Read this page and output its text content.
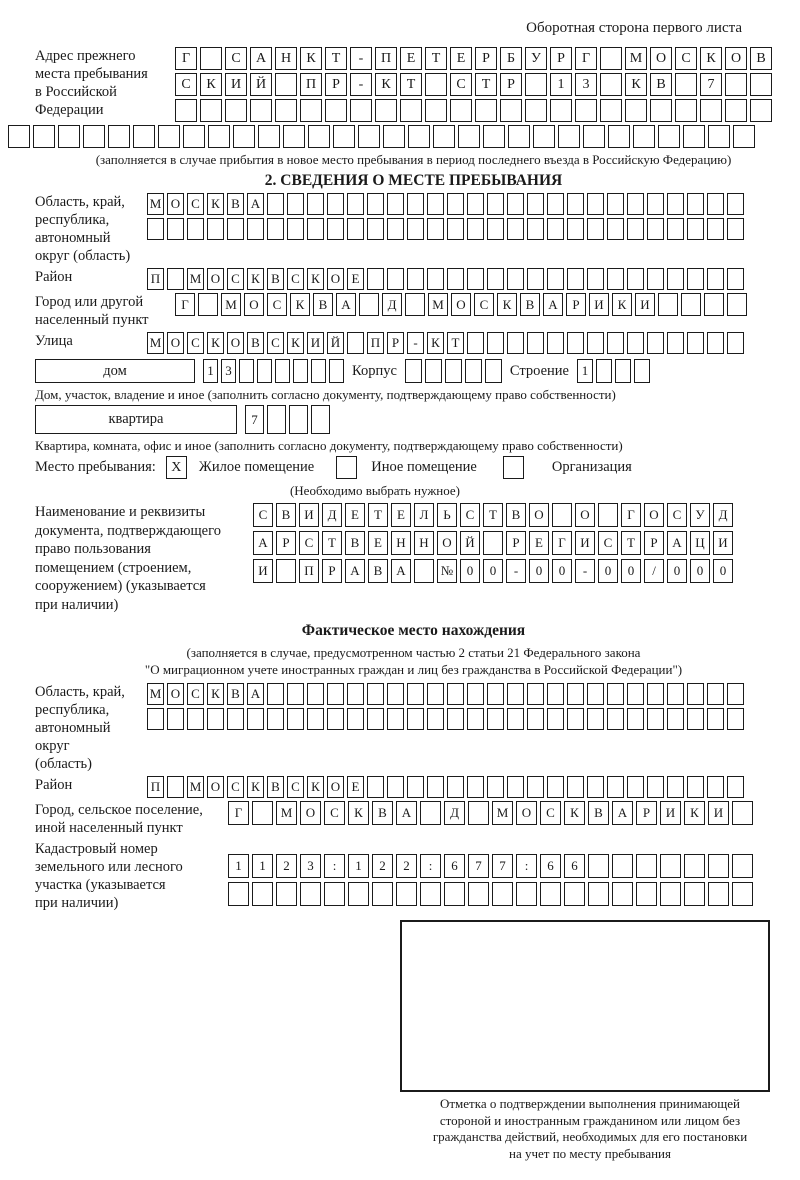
Оборотная сторона первого листа
Адрес прежнего
места пребывания
в Российской
Федерации
Г	С	А	Н	К	Т	-	П	Е	Т	Е	Р	Б	У	Р	Г	М О	С	К	О	В
С	К	И	Й	П	Р	-	К	Т	С	Т	Р	1	3	К	В	7
(заполняется в случае прибытия в новое место пребывания в период последнего въезда в Российскую Федерацию)
2. СВЕДЕНИЯ О МЕСТЕ ПРЕБЫВАНИЯ
Область, край,
республика,
автономный
округ (область)
М О С К В А
Район	П М О С К В С К О Е
Город или другой
населенный пункт
Г	М О	С	К	В	А	Д	М О	С	К	В	А	Р	И	К	И
Улица	М О С К О В С К И Й П Р	-	К Т
дом	1 3	Корпус	Строение 1
Дом, участок, владение и иное (заполнить согласно документу, подтверждающему право собственности)
квартира	7
Квартира, комната, офис и иное (заполнить согласно документу, подтверждающему право собственности)
Место пребывания:	X	Жилое помещение	Иное помещение	Организация
(Необходимо выбрать нужное)
Наименование и реквизиты
документа, подтверждающего
право пользования
помещением (строением,
сооружением) (указывается
при наличии)
С	В	И	Д	Е	Т	Е	Л	Ь	С	Т	В	О	О	Г	О	С	У	Д
А	Р	С	Т	В	Е	Н	Н	О	Й	Р	Е	Г	И	С	Т	Р	А	Ц	И
И	П	Р	А	В	А	№	0	0	-	0	0	-	0	0	/	0	0	0
Фактическое место нахождения
(заполняется в случае, предусмотренном частью 2 статьи 21 Федерального закона
"О миграционном учете иностранных граждан и лиц без гражданства в Российской Федерации")
Область, край,
республика,
автономный округ
(область)
М О С К В А
Район	П М О С К В С К О Е
Город, сельское поселение,
иной населенный пункт
Г	М	О	С	К	В	А	Д	М	О	С	К	В	А	Р	И	К	И
Кадастровый номер
земельного или лесного
участка (указывается
при наличии)
1	1	2	3	:	1	2	2	:	6	7	7	:	6	6
Отметка о подтверждении выполнения принимающей
стороной и иностранным гражданином или лицом без
гражданства действий, необходимых для его постановки
на учет по месту пребывания
